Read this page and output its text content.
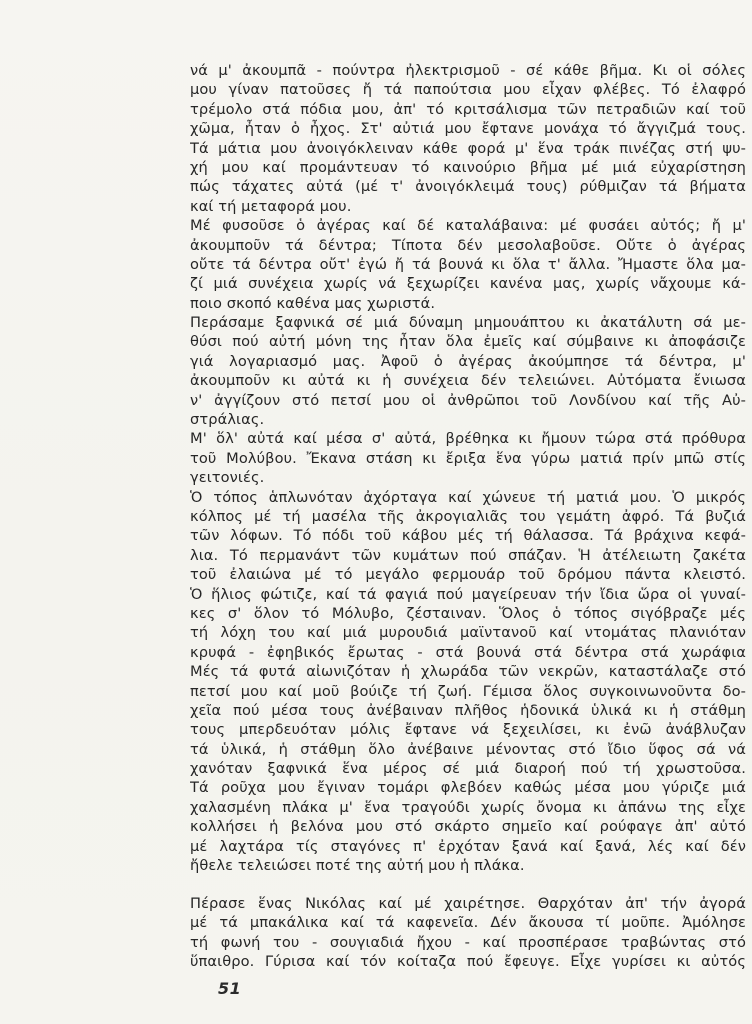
νά μ' ἀκουμπᾶ - πούντρα ἠλεκτρισμοῦ - σέ κάθε βῆμα. Κι οἱ σόλες
μου γίναν πατοῦσες ἤ τά παπούτσια μου εἶχαν φλέβες. Τό ἐλαφρό
τρέμολο στά πόδια μου, ἀπ' τό κριτσάλισμα τῶν πετραδιῶν καί τοῦ
χῶμα, ἦταν ὁ ἦχος. Στ' αὐτιά μου ἔφτανε μονάχα τό ἄγγιζμά τους.
Τά μάτια μου ἀνοιγόκλειναν κάθε φορά μ' ἕνα τράκ πινέζας στή ψυ-
χή μου καί προμάντευαν τό καινούριο βῆμα μέ μιά εὐχαρίστηση
πώς τάχατες αὐτά (μέ τ' ἀνοιγόκλειμά τους) ρύθμιζαν τά βήματα
καί τή μεταφορά μου.
Μέ φυσοῦσε ὁ ἀγέρας καί δέ καταλάβαινα: μέ φυσάει αὐτός; ἤ μ'
ἀκουμποῦν τά δέντρα; Τίποτα δέν μεσολαβοῦσε. Οὔτε ὁ ἀγέρας
οὔτε τά δέντρα οὔτ' ἐγώ ἤ τά βουνά κι ὅλα τ' ἄλλα. Ἤμαστε ὅλα μα-
ζί μιά συνέχεια χωρίς νά ξεχωρίζει κανένα μας, χωρίς νἄχουμε κά-
ποιο σκοπό καθένα μας χωριστά.
Περάσαμε ξαφνικά σέ μιά δύναμη μημουάπτου κι ἀκατάλυτη σά με-
θύσι πού αὐτή μόνη της ἦταν ὅλα ἐμεῖς καί σύμβαινε κι ἀποφάσιζε
γιά λογαριασμό μας. Ἀφοῦ ὁ ἀγέρας ἀκούμπησε τά δέντρα, μ'
ἀκουμποῦν κι αὐτά κι ἡ συνέχεια δέν τελειώνει. Αὐτόματα ἔνιωσα
ν' ἀγγίζουν στό πετσί μου οἱ ἀνθρῶποι τοῦ Λονδίνου καί τῆς Αὐ-
στράλιας.
Μ' ὅλ' αὐτά καί μέσα σ' αὐτά, βρέθηκα κι ἤμουν τώρα στά πρόθυρα
τοῦ Μολύβου. Ἔκανα στάση κι ἔριξα ἕνα γύρω ματιά πρίν μπῶ στίς
γειτονιές.
Ὁ τόπος ἁπλωνόταν ἀχόρταγα καί χώνευε τή ματιά μου. Ὁ μικρός
κόλπος μέ τή μασέλα τῆς ἀκρογιαλιᾶς του γεμάτη ἀφρό. Τά βυζιά
τῶν λόφων. Τό πόδι τοῦ κάβου μές τή θάλασσα. Τά βράχινα κεφά-
λια. Τό περμανάντ τῶν κυμάτων πού σπάζαν. Ἡ ἀτέλειωτη ζακέτα
τοῦ ἐλαιώνα μέ τό μεγάλο φερμουάρ τοῦ δρόμου πάντα κλειστό.
Ὁ ἥλιος φώτιζε, καί τά φαγιά πού μαγείρευαν τήν ἴδια ὥρα οἱ γυναί-
κες σ' ὅλον τό Μόλυβο, ζέσταιναν. Ὅλος ὁ τόπος σιγόβραζε μές
τή λόχη του καί μιά μυρουδιά μαϊντανοῦ καί ντομάτας πλανιόταν
κρυφά - ἐφηβικός ἔρωτας - στά βουνά στά δέντρα στά χωράφια
Μές τά φυτά αἰωνιζόταν ἡ χλωράδα τῶν νεκρῶν, καταστάλαζε στό
πετσί μου καί μοῦ βούιζε τή ζωή. Γέμισα ὅλος συγκοινωνοῦντα δο-
χεῖα πού μέσα τους ἀνέβαιναν πλῆθος ἡδονικά ὑλικά κι ἡ στάθμη
τους μπερδευόταν μόλις ἔφτανε νά ξεχειλίσει, κι ἐνῶ ἀνάβλυζαν
τά ὑλικά, ἡ στάθμη ὅλο ἀνέβαινε μένοντας στό ἴδιο ὕφος σά νά
χανόταν ξαφνικά ἕνα μέρος σέ μιά διαροή πού τή χρωστοῦσα.
Τά ροῦχα μου ἔγιναν τομάρι φλεβόεν καθώς μέσα μου γύριζε μιά
χαλασμένη πλάκα μ' ἕνα τραγούδι χωρίς ὄνομα κι ἀπάνω της εἶχε
κολλήσει ἡ βελόνα μου στό σκάρτο σημεῖο καί ρούφαγε ἀπ' αὐτό
μέ λαχτάρα τίς σταγόνες π' ἐρχόταν ξανά καί ξανά, λές καί δέν
ἤθελε τελειώσει ποτέ της αὐτή μου ἡ πλάκα.
Πέρασε ἕνας Νικόλας καί μέ χαιρέτησε. Θαρχόταν ἀπ' τήν ἀγορά
μέ τά μπακάλικα καί τά καφενεῖα. Δέν ἄκουσα τί μοῦπε. Ἀμόλησε
τή φωνή του - σουγιαδιά ἤχου - καί προσπέρασε τραβώντας στό
ὕπαιθρο. Γύρισα καί τόν κοίταζα πού ἔφευγε. Εἶχε γυρίσει κι αὐτός
51
